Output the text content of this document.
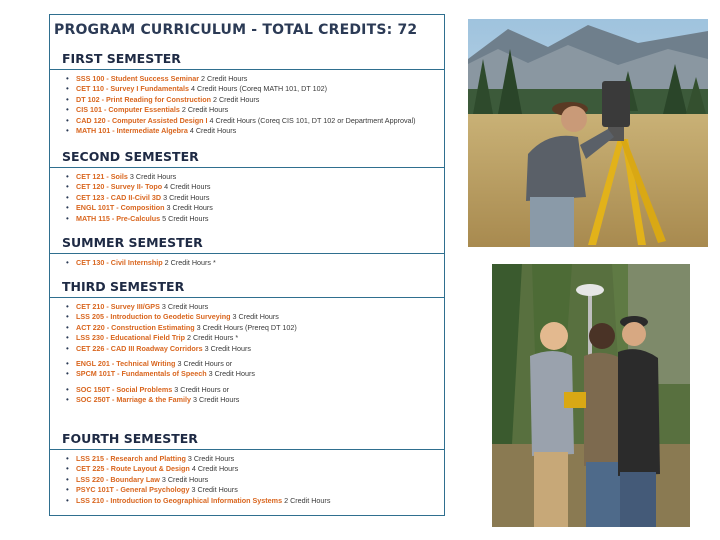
PROGRAM CURRICULUM - TOTAL CREDITS: 72
FIRST SEMESTER
• SSS 100 - Student Success Seminar 2 Credit Hours
• CET 110 - Survey I Fundamentals 4 Credit Hours (Coreq MATH 101, DT 102)
• DT 102 - Print Reading for Construction 2 Credit Hours
• CIS 101 - Computer Essentials 2 Credit Hours
• CAD 120 - Computer Assisted Design I 4 Credit Hours (Coreq CIS 101, DT 102 or Department Approval)
• MATH 101 - Intermediate Algebra 4 Credit Hours
SECOND SEMESTER
• CET 121 - Soils 3 Credit Hours
• CET 120 - Survey II- Topo 4 Credit Hours
• CET 123 - CAD II-Civil 3D 3 Credit Hours
• ENGL 101T - Composition 3 Credit Hours
• MATH 115 - Pre-Calculus 5 Credit Hours
SUMMER SEMESTER
• CET 130 - Civil Internship 2 Credit Hours *
THIRD SEMESTER
• CET 210 - Survey III/GPS 3 Credit Hours
• LSS 205 - Introduction to Geodetic Surveying 3 Credit Hours
• ACT 220 - Construction Estimating 3 Credit Hours (Prereq DT 102)
• LSS 230 - Educational Field Trip 2 Credit Hours *
• CET 226 - CAD III Roadway Corridors 3 Credit Hours
• ENGL 201 - Technical Writing 3 Credit Hours or
• SPCM 101T - Fundamentals of Speech 3 Credit Hours
• SOC 150T - Social Problems 3 Credit Hours or
• SOC 250T - Marriage & the Family 3 Credit Hours
FOURTH SEMESTER
• LSS 215 - Research and Platting 3 Credit Hours
• CET 225 - Route Layout & Design 4 Credit Hours
• LSS 220 - Boundary Law 3 Credit Hours
• PSYC 101T - General Psychology 3 Credit Hours
• LSS 210 - Introduction to Geographical Information Systems 2 Credit Hours
